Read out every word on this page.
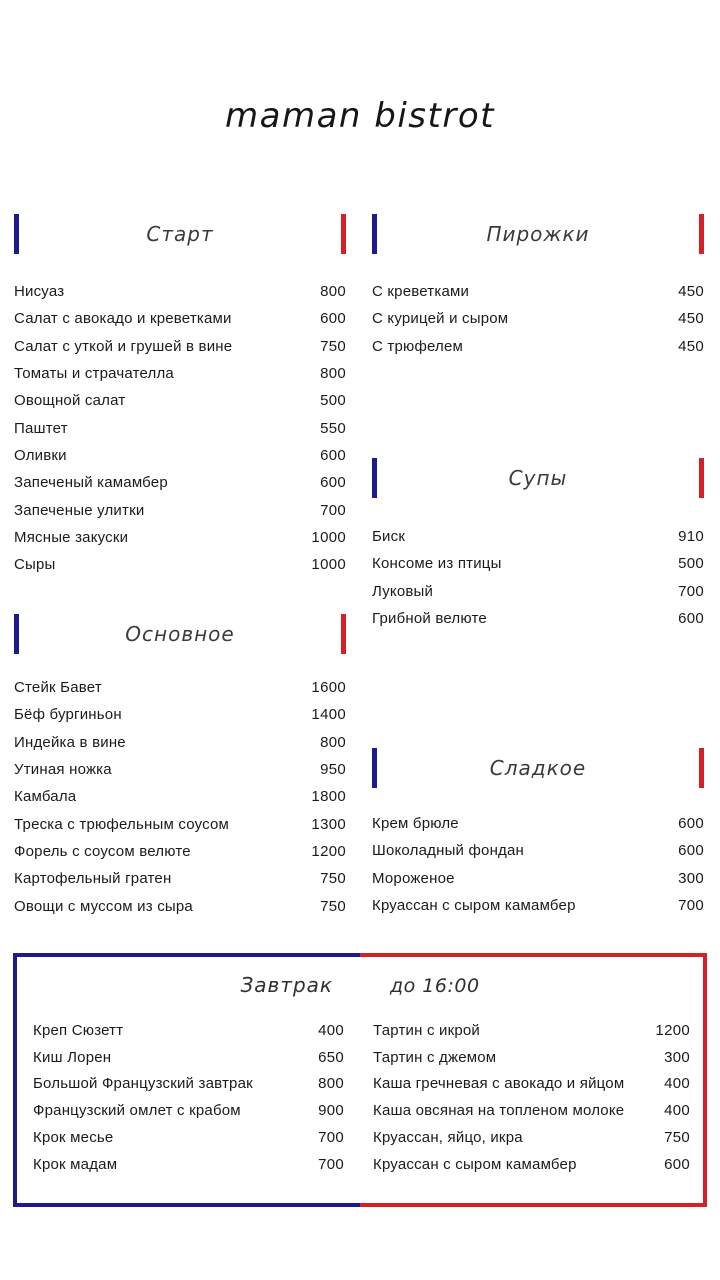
maman bistrot
Старт
Нисуаз	800
Салат с авокадо и креветками	600
Салат с уткой и грушей в вине	750
Томаты и страчателла	800
Овощной салат	500
Паштет	550
Оливки	600
Запеченый камамбер	600
Запеченые улитки	700
Мясные закуски	1000
Сыры	1000
Основное
Стейк Бавет	1600
Бёф бургиньон	1400
Индейка в вине	800
Утиная ножка	950
Камбала	1800
Треска с трюфельным соусом	1300
Форель с соусом велюте	1200
Картофельный гратен	750
Овощи с муссом из сыра	750
Пирожки
С креветками	450
С курицей и сыром	450
С трюфелем	450
Супы
Биск	910
Консоме из птицы	500
Луковый	700
Грибной велюте	600
Сладкое
Крем брюле	600
Шоколадный фондан	600
Мороженое	300
Круассан с сыром камамбер	700
Завтрак	до 16:00
Креп Сюзетт	400
Киш Лорен	650
Большой Французский завтрак	800
Французский омлет с крабом	900
Крок месье	700
Крок мадам	700
Тартин с икрой	1200
Тартин с джемом	300
Каша гречневая с авокадо и яйцом	400
Каша овсяная на топленом молоке	400
Круассан, яйцо, икра	750
Круассан с сыром камамбер	600
